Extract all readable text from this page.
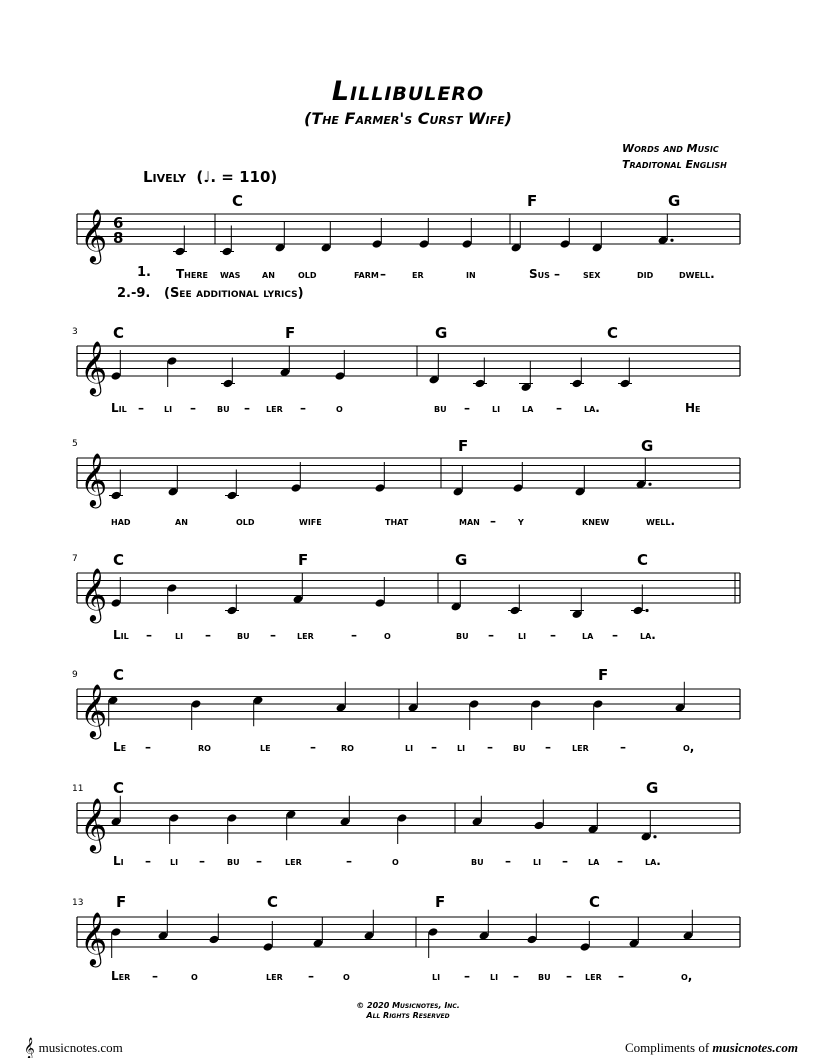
Lillibulero
(The Farmer's Curst Wife)
Words and Music
Traditonal English
Lively  (♩. = 110)
1.
2.-9. (See additional lyrics)
𝄞 6
8
C	F	G
There was an old	farm – er	in	Sus – sex	did dwell.
𝄞
3 C	F	G	C
Lil – li – bu – ler –	o	bu – li la – la.	He
𝄞
5	F	G
had	an	old	wife	that	man – y	knew	well.
𝄞
7 C	F	G	C
Lil – li – bu – ler	– o	bu – li – la – la.
𝄞
9 C	F
Le –	ro	le	– ro	li – li – bu – ler	–	o,
𝄞
11 C	G
Li – li – bu – ler	–	o	bu – li – la – la.
𝄞
13 F	C	F	C
Ler –	o	ler – o	li – li – bu – ler –	o,
© 2020 Musicnotes, Inc.
All Rights Reserved
𝄞 musicnotes.com	Compliments of musicnotes.com
